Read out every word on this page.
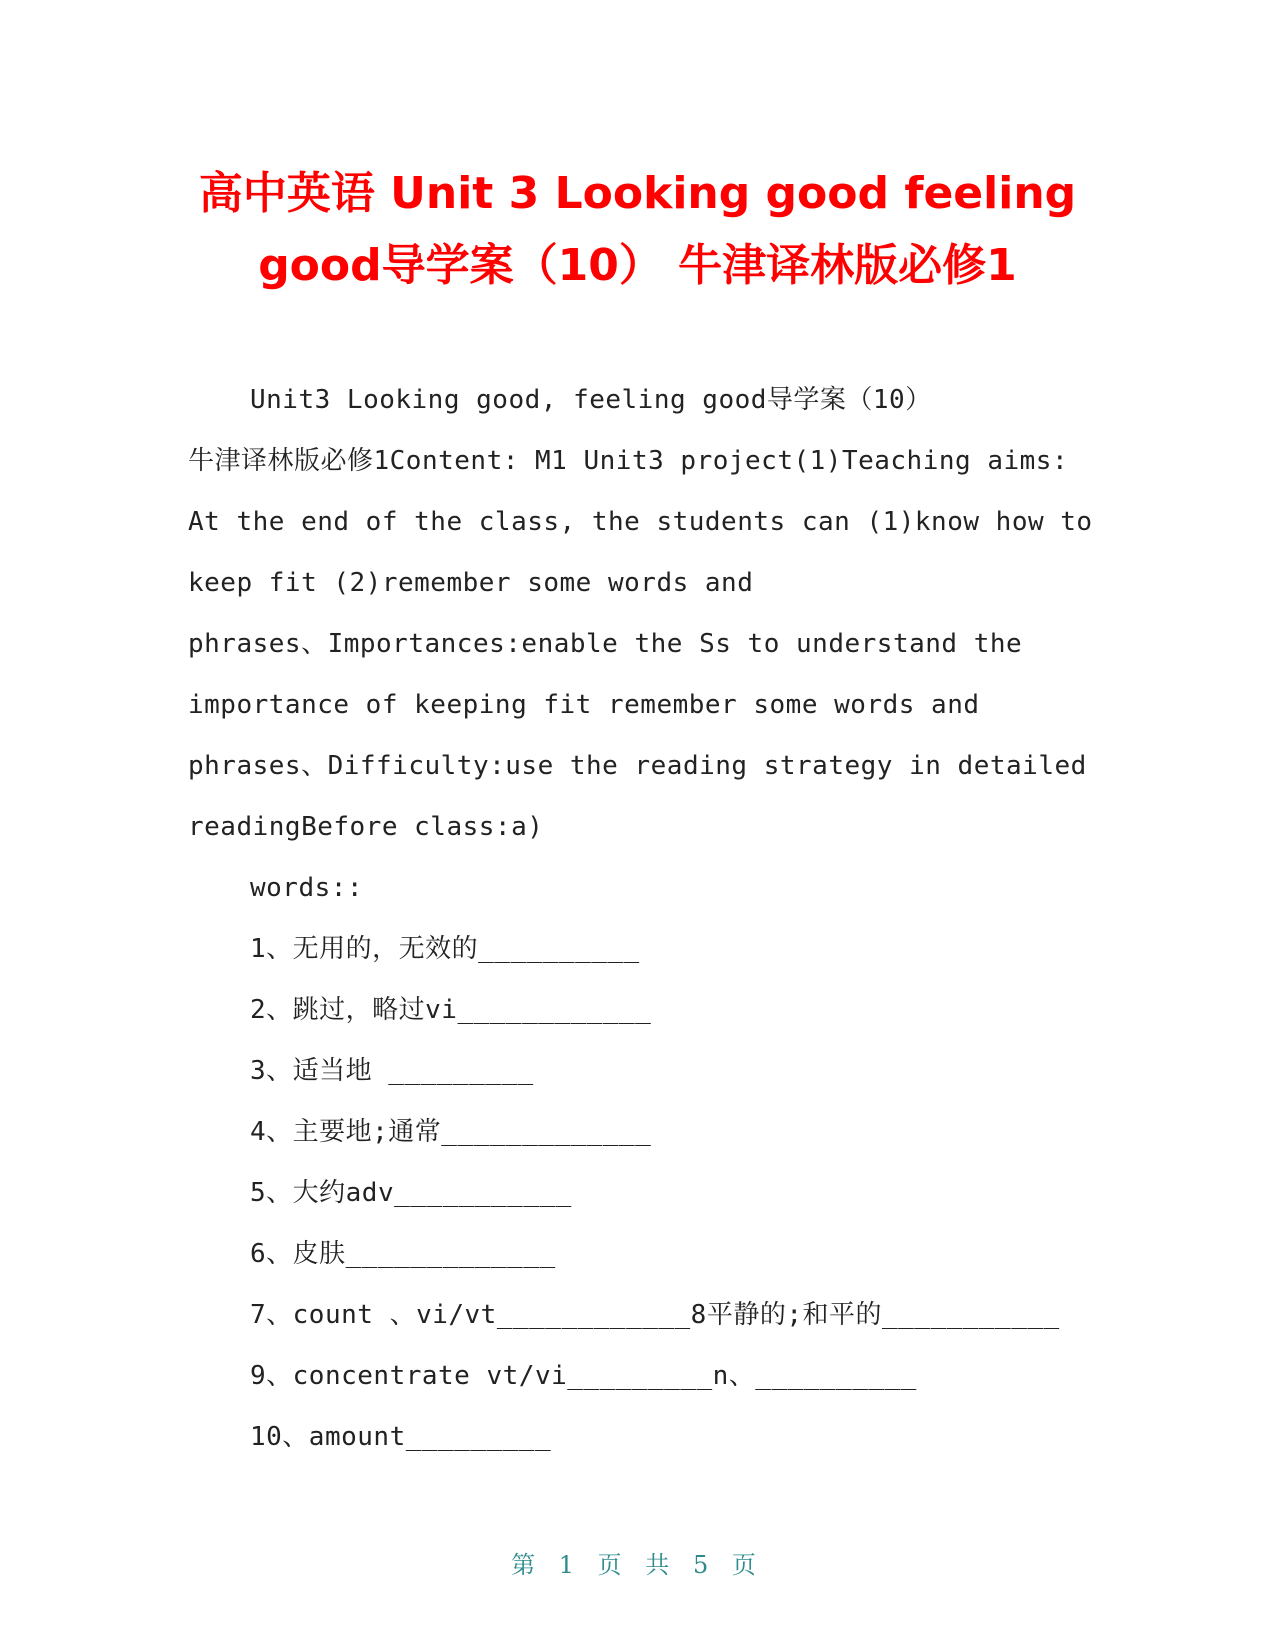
高中英语 Unit 3 Looking good feeling
good导学案（10） 牛津译林版必修1

Unit3 Looking good, feeling good导学案（10）

牛津译林版必修1Content: M1 Unit3 project(1)Teaching aims:

At the end of the class, the students can (1)know how to

keep fit (2)remember some words and

phrases、Importances:enable the Ss to understand the

importance of keeping fit remember some words and

phrases、Difficulty:use the reading strategy in detailed

readingBefore class:a)

words::

1、无用的，无效的__________

2、跳过，略过vi____________

3、适当地 _________

4、主要地;通常_____________

5、大约adv___________

6、皮肤_____________

7、count 、vi/vt____________8平静的;和平的___________

9、concentrate vt/vi_________n、__________

10、amount_________

第 1 页 共 5 页
